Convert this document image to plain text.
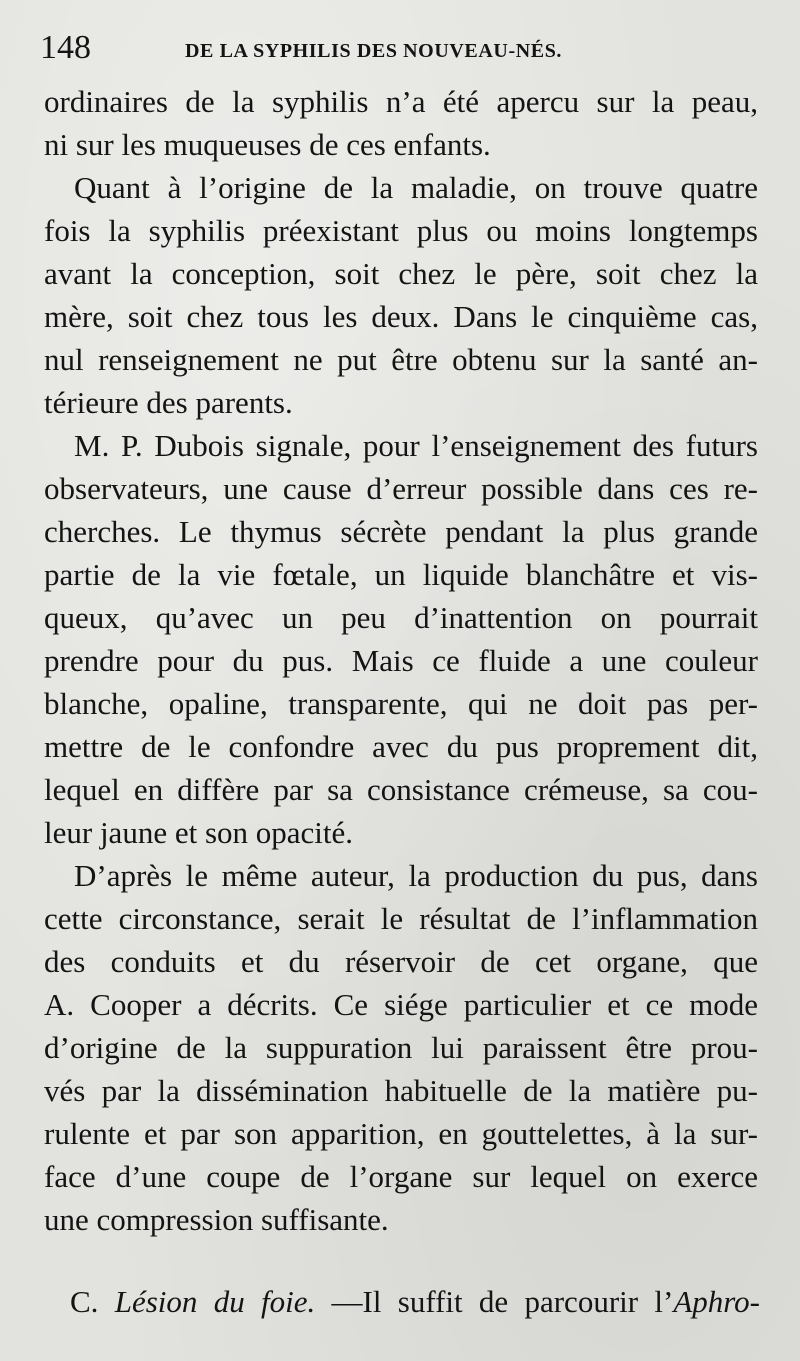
148	DE LA SYPHILIS DES NOUVEAU-NÉS.
ordinaires de la syphilis n’a été apercu sur la peau,
ni sur les muqueuses de ces enfants.
Quant à l’origine de la maladie, on trouve quatre
fois la syphilis préexistant plus ou moins longtemps
avant la conception, soit chez le père, soit chez la
mère, soit chez tous les deux. Dans le cinquième cas,
nul renseignement ne put être obtenu sur la santé an-
térieure des parents.
M. P. Dubois signale, pour l’enseignement des futurs
observateurs, une cause d’erreur possible dans ces re-
cherches. Le thymus sécrète pendant la plus grande
partie de la vie fœtale, un liquide blanchâtre et vis-
queux, qu’avec un peu d’inattention on pourrait
prendre pour du pus. Mais ce fluide a une couleur
blanche, opaline, transparente, qui ne doit pas per-
mettre de le confondre avec du pus proprement dit,
lequel en diffère par sa consistance crémeuse, sa cou-
leur jaune et son opacité.
D’après le même auteur, la production du pus, dans
cette circonstance, serait le résultat de l’inflammation
des conduits et du réservoir de cet organe, que
A. Cooper a décrits. Ce siége particulier et ce mode
d’origine de la suppuration lui paraissent être prou-
vés par la dissémination habituelle de la matière pu-
rulente et par son apparition, en gouttelettes, à la sur-
face d’une coupe de l’organe sur lequel on exerce
une compression suffisante.
C. Lésion du foie. —Il suffit de parcourir l’Aphro-
